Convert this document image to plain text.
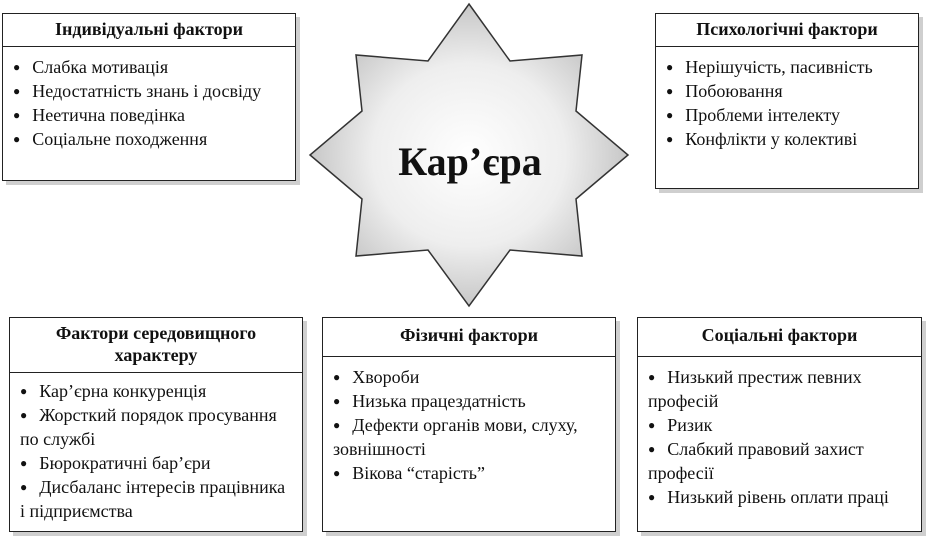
Кар’єра
Індивідуальні фактори
● Слабка мотивація
● Недостатність знань і досвіду
● Неетична поведінка
● Соціальне походження
Психологічні фактори
● Нерішучість, пасивність
● Побоювання
● Проблеми інтелекту
● Конфлікти у колективі
Фактори середовищного
характеру
● Кар’єрна конкуренція
● Жорсткий порядок просування по службі
● Бюрократичні бар’єри
● Дисбаланс інтересів працівника і підприємства
Фізичні фактори
● Хвороби
● Низька працездатність
● Дефекти органів мови, слуху, зовнішності
● Вікова “старість”
Соціальні фактори
● Низький престиж певних професій
● Ризик
● Слабкий правовий захист професії
● Низький рівень оплати праці
